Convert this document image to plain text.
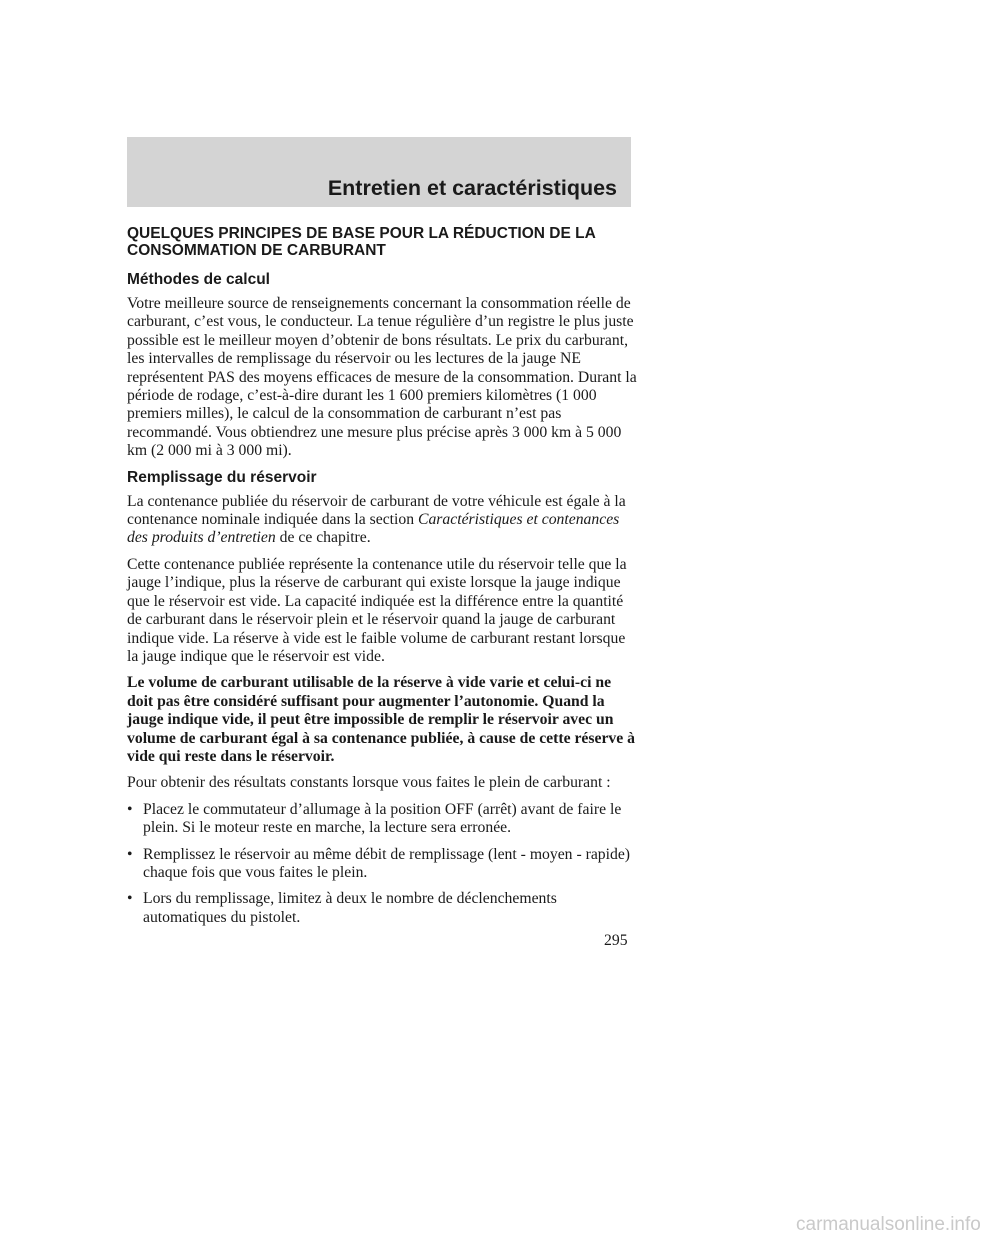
Entretien et caractéristiques
QUELQUES PRINCIPES DE BASE POUR LA RÉDUCTION DE LA CONSOMMATION DE CARBURANT
Méthodes de calcul

Votre meilleure source de renseignements concernant la consommation réelle de carburant, c’est vous, le conducteur. La tenue régulière d’un registre le plus juste possible est le meilleur moyen d’obtenir de bons résultats. Le prix du carburant, les intervalles de remplissage du réservoir ou les lectures de la jauge NE représentent PAS des moyens efficaces de mesure de la consommation. Durant la période de rodage, c’est-à-dire durant les 1 600 premiers kilomètres (1 000 premiers milles), le calcul de la consommation de carburant n’est pas recommandé. Vous obtiendrez une mesure plus précise après 3 000 km à 5 000 km (2 000 mi à 3 000 mi).

Remplissage du réservoir

La contenance publiée du réservoir de carburant de votre véhicule est égale à la contenance nominale indiquée dans la section Caractéristiques et contenances des produits d’entretien de ce chapitre.

Cette contenance publiée représente la contenance utile du réservoir telle que la jauge l’indique, plus la réserve de carburant qui existe lorsque la jauge indique que le réservoir est vide. La capacité indiquée est la différence entre la quantité de carburant dans le réservoir plein et le réservoir quand la jauge de carburant indique vide. La réserve à vide est le faible volume de carburant restant lorsque la jauge indique que le réservoir est vide.

Le volume de carburant utilisable de la réserve à vide varie et celui-ci ne doit pas être considéré suffisant pour augmenter l’autonomie. Quand la jauge indique vide, il peut être impossible de remplir le réservoir avec un volume de carburant égal à sa contenance publiée, à cause de cette réserve à vide qui reste dans le réservoir.

Pour obtenir des résultats constants lorsque vous faites le plein de carburant :

• Placez le commutateur d’allumage à la position OFF (arrêt) avant de faire le plein. Si le moteur reste en marche, la lecture sera erronée.
• Remplissez le réservoir au même débit de remplissage (lent - moyen - rapide) chaque fois que vous faites le plein.
• Lors du remplissage, limitez à deux le nombre de déclenchements automatiques du pistolet.
295
carmanualsonline.info
